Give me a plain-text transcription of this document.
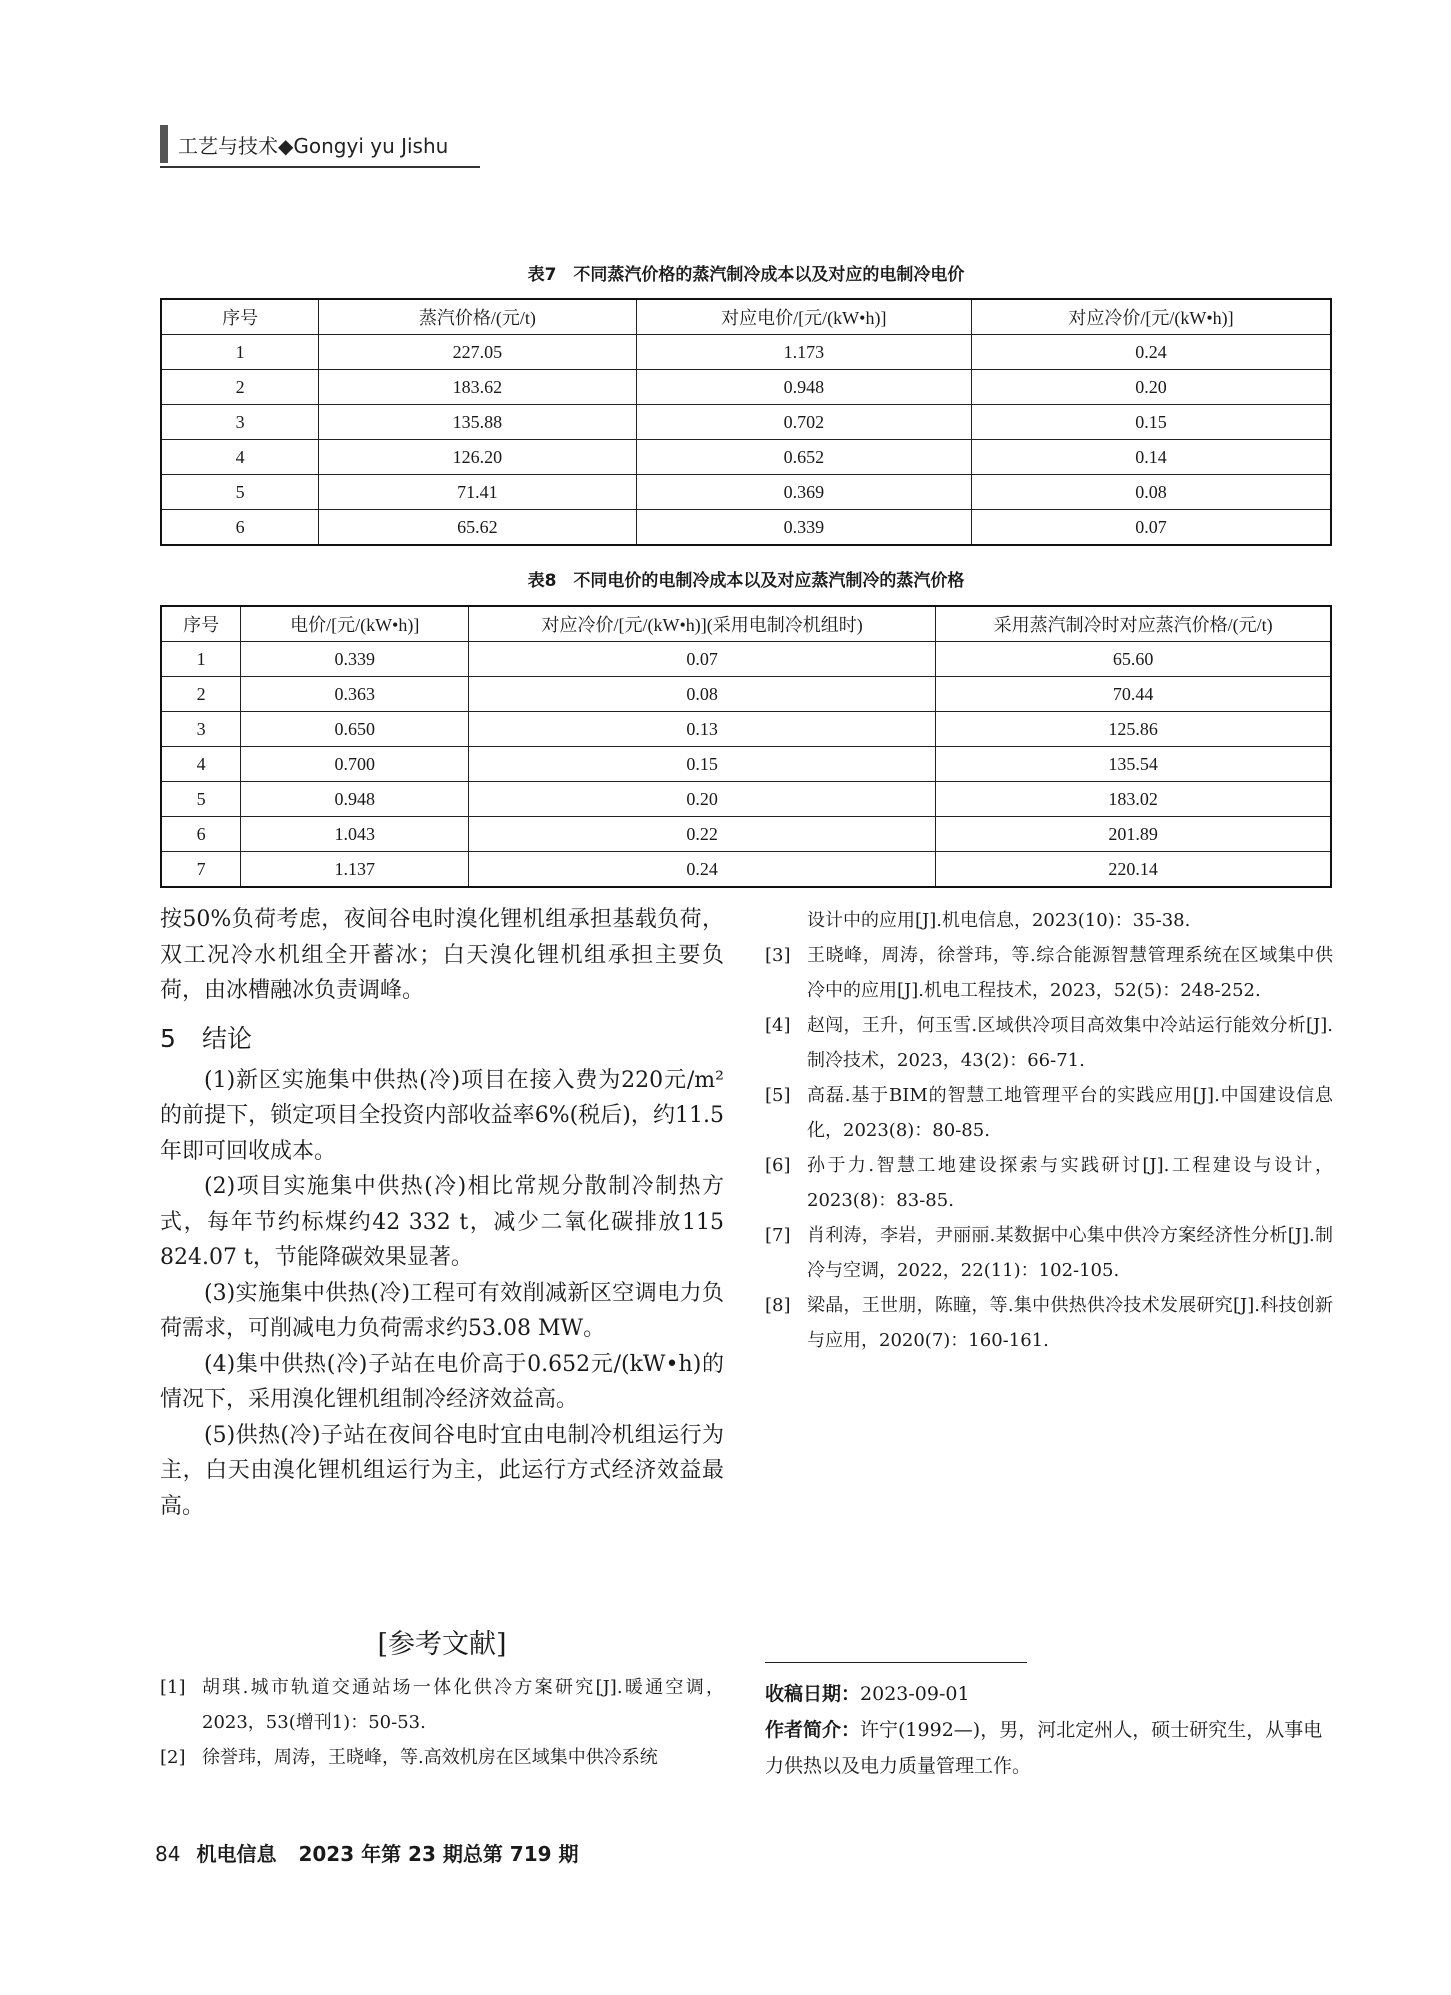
工艺与技术◆Gongyi yu Jishu
表7　不同蒸汽价格的蒸汽制冷成本以及对应的电制冷电价
序号	蒸汽价格/(元/t)	对应电价/[元/(kW•h)]	对应冷价/[元/(kW•h)]
1	227.05	1.173	0.24
2	183.62	0.948	0.20
3	135.88	0.702	0.15
4	126.20	0.652	0.14
5	71.41	0.369	0.08
6	65.62	0.339	0.07
表8　不同电价的电制冷成本以及对应蒸汽制冷的蒸汽价格
序号	电价/[元/(kW•h)]	对应冷价/[元/(kW•h)](采用电制冷机组时)	采用蒸汽制冷时对应蒸汽价格/(元/t)
1	0.339	0.07	65.60
2	0.363	0.08	70.44
3	0.650	0.13	125.86
4	0.700	0.15	135.54
5	0.948	0.20	183.02
6	1.043	0.22	201.89
7	1.137	0.24	220.14

按50%负荷考虑，夜间谷电时溴化锂机组承担基载负荷，双工况冷水机组全开蓄冰；白天溴化锂机组承担主要负荷，由冰槽融冰负责调峰。

5 结论

(1)新区实施集中供热(冷)项目在接入费为220元/m²的前提下，锁定项目全投资内部收益率6%(税后)，约11.5年即可回收成本。

(2)项目实施集中供热(冷)相比常规分散制冷制热方式，每年节约标煤约42 332 t，减少二氧化碳排放115 824.07 t，节能降碳效果显著。

(3)实施集中供热(冷)工程可有效削减新区空调电力负荷需求，可削减电力负荷需求约53.08 MW。

(4)集中供热(冷)子站在电价高于0.652元/(kW•h)的情况下，采用溴化锂机组制冷经济效益高。

(5)供热(冷)子站在夜间谷电时宜由电制冷机组运行为主，白天由溴化锂机组运行为主，此运行方式经济效益最高。

[参考文献]
[1] 胡琪.城市轨道交通站场一体化供冷方案研究[J].暖通空调，2023，53(增刊1)：50-53.
[2] 徐誉玮，周涛，王晓峰，等.高效机房在区域集中供冷系统
设计中的应用[J].机电信息，2023(10)：35-38.
[3] 王晓峰，周涛，徐誉玮，等.综合能源智慧管理系统在区域集中供冷中的应用[J].机电工程技术，2023，52(5)：248-252.
[4] 赵闯，王升，何玉雪.区域供冷项目高效集中冷站运行能效分析[J].制冷技术，2023，43(2)：66-71.
[5] 高磊.基于BIM的智慧工地管理平台的实践应用[J].中国建设信息化，2023(8)：80-85.
[6] 孙于力.智慧工地建设探索与实践研讨[J].工程建设与设计，2023(8)：83-85.
[7] 肖利涛，李岩，尹丽丽.某数据中心集中供冷方案经济性分析[J].制冷与空调，2022，22(11)：102-105.
[8] 梁晶，王世朋，陈瞳，等.集中供热供冷技术发展研究[J].科技创新与应用，2020(7)：160-161.
收稿日期：2023-09-01
作者简介：许宁(1992—)，男，河北定州人，硕士研究生，从事电力供热以及电力质量管理工作。
84 机电信息 2023 年第 23 期总第 719 期
